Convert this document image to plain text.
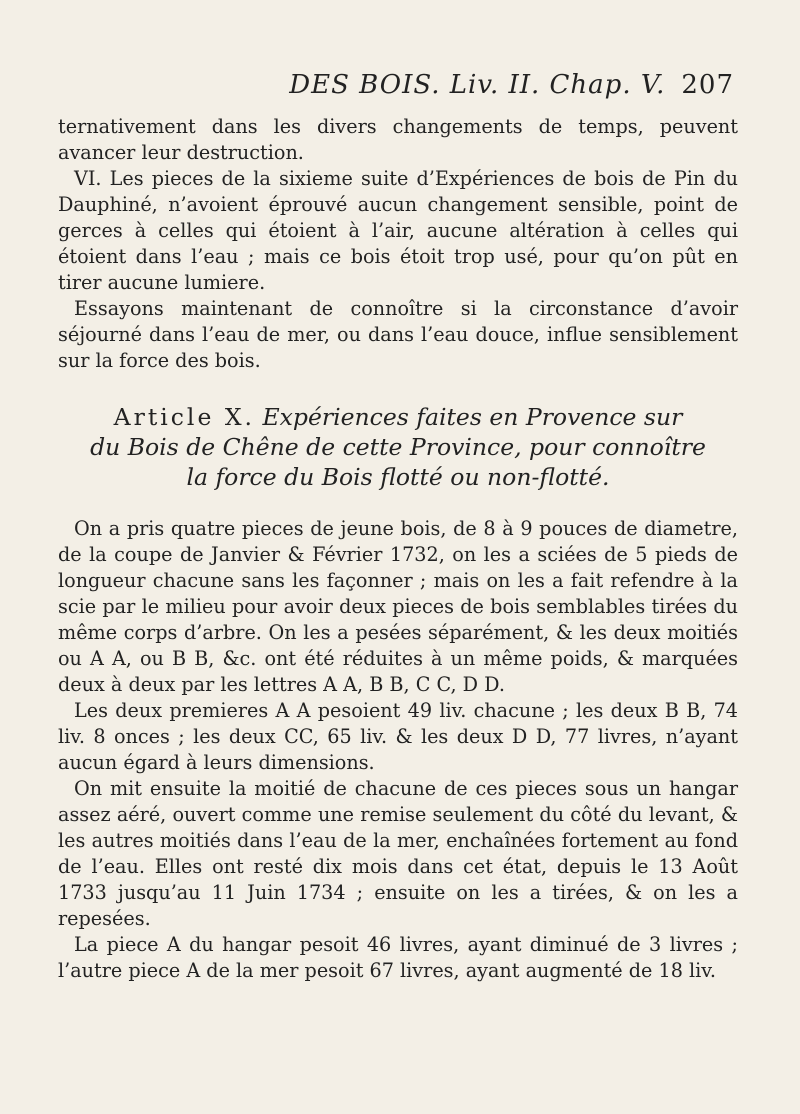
DES BOIS. Liv. II. Chap. V. 207

ternativement dans les divers changements de temps, peuvent avancer leur destruction.

VI. Les pieces de la sixieme suite d’Expériences de bois de Pin du Dauphiné, n’avoient éprouvé aucun changement sensible, point de gerces à celles qui étoient à l’air, aucune altération à celles qui étoient dans l’eau ; mais ce bois étoit trop usé, pour qu’on pût en tirer aucune lumiere.

Essayons maintenant de connoître si la circonstance d’avoir séjourné dans l’eau de mer, ou dans l’eau douce, influe sensiblement sur la force des bois.

Article X. Expériences faites en Provence sur
du Bois de Chêne de cette Province, pour connoître
la force du Bois flotté ou non-flotté.

On a pris quatre pieces de jeune bois, de 8 à 9 pouces de diametre, de la coupe de Janvier & Février 1732, on les a sciées de 5 pieds de longueur chacune sans les façonner ; mais on les a fait refendre à la scie par le milieu pour avoir deux pieces de bois semblables tirées du même corps d’arbre. On les a pesées séparément, & les deux moitiés ou A A, ou B B, &c. ont été réduites à un même poids, & marquées deux à deux par les lettres A A, B B, C C, D D.

Les deux premieres A A pesoient 49 liv. chacune ; les deux B B, 74 liv. 8 onces ; les deux CC, 65 liv. & les deux D D, 77 livres, n’ayant aucun égard à leurs dimensions.

On mit ensuite la moitié de chacune de ces pieces sous un hangar assez aéré, ouvert comme une remise seulement du côté du levant, & les autres moitiés dans l’eau de la mer, enchaînées fortement au fond de l’eau. Elles ont resté dix mois dans cet état, depuis le 13 Août 1733 jusqu’au 11 Juin 1734 ; ensuite on les a tirées, & on les a repesées.

La piece A du hangar pesoit 46 livres, ayant diminué de 3 livres ; l’autre piece A de la mer pesoit 67 livres, ayant augmenté de 18 liv.
